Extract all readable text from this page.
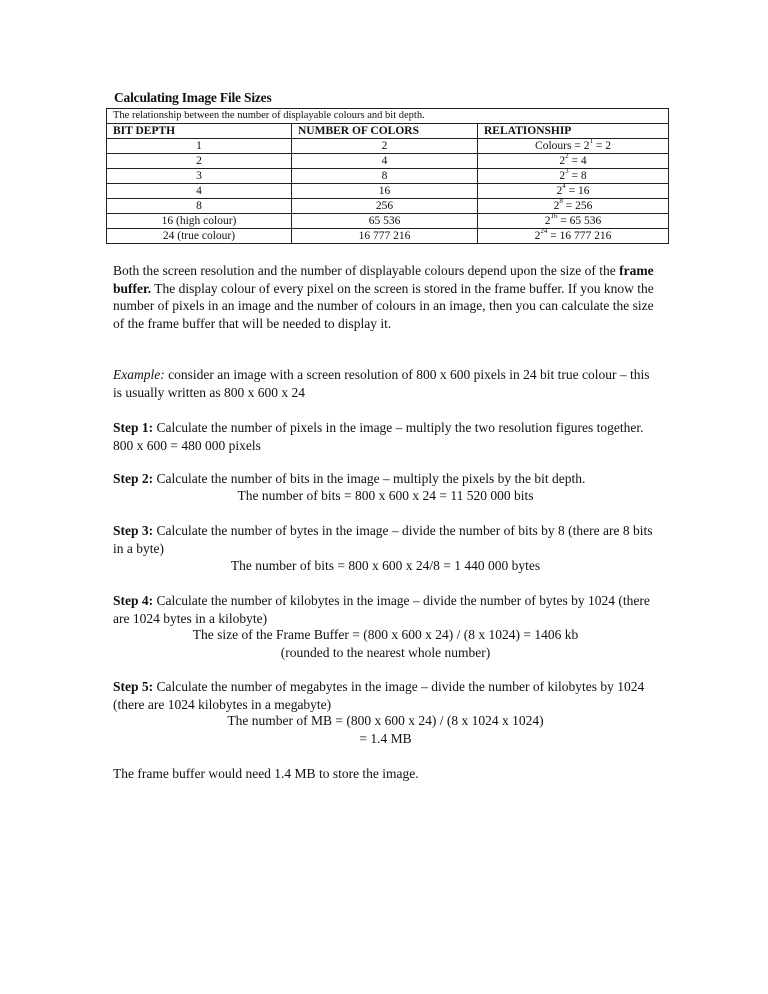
Calculating Image File Sizes
The relationship between the number of displayable colours and bit depth.		
BIT DEPTH	NUMBER OF COLORS	RELATIONSHIP
1	2	Colours = $2^1 = 2$
2	4	$2^2 = 4$
3	8	$2^3 = 8$
4	16	$2^4 = 16$
8	256	$2^8 = 256$
16 (high colour)	65 536	$2^{16} = 65$ 536
24 (true colour)	16 777 216	$2^{24} = 16$ 777 216
Both the screen resolution and the number of displayable colours depend upon the size of the frame buffer. The display colour of every pixel on the screen is stored in the frame buffer. If you know the number of pixels in an image and the number of colours in an image, then you can calculate the size of the frame buffer that will be needed to display it.
Example: consider an image with a screen resolution of 800 x 600 pixels in 24 bit true colour – this is usually written as 800 x 600 x 24
Step 1: Calculate the number of pixels in the image – multiply the two resolution figures together. 800 x 600 = 480 000 pixels
Step 2: Calculate the number of bits in the image – multiply the pixels by the bit depth.
The number of bits = 800 x 600 x 24 = 11 520 000 bits
Step 3: Calculate the number of bytes in the image – divide the number of bits by 8 (there are 8 bits in a byte)
The number of bits = 800 x 600 x 24/8 = 1 440 000 bytes
Step 4: Calculate the number of kilobytes in the image – divide the number of bytes by 1024 (there are 1024 bytes in a kilobyte)
The size of the Frame Buffer = (800 x 600 x 24) / (8 x 1024) = 1406 kb
(rounded to the nearest whole number)
Step 5: Calculate the number of megabytes in the image – divide the number of kilobytes by 1024 (there are 1024 kilobytes in a megabyte)
The number of MB = (800 x 600 x 24) / (8 x 1024 x 1024)
= 1.4 MB
The frame buffer would need 1.4 MB to store the image.
